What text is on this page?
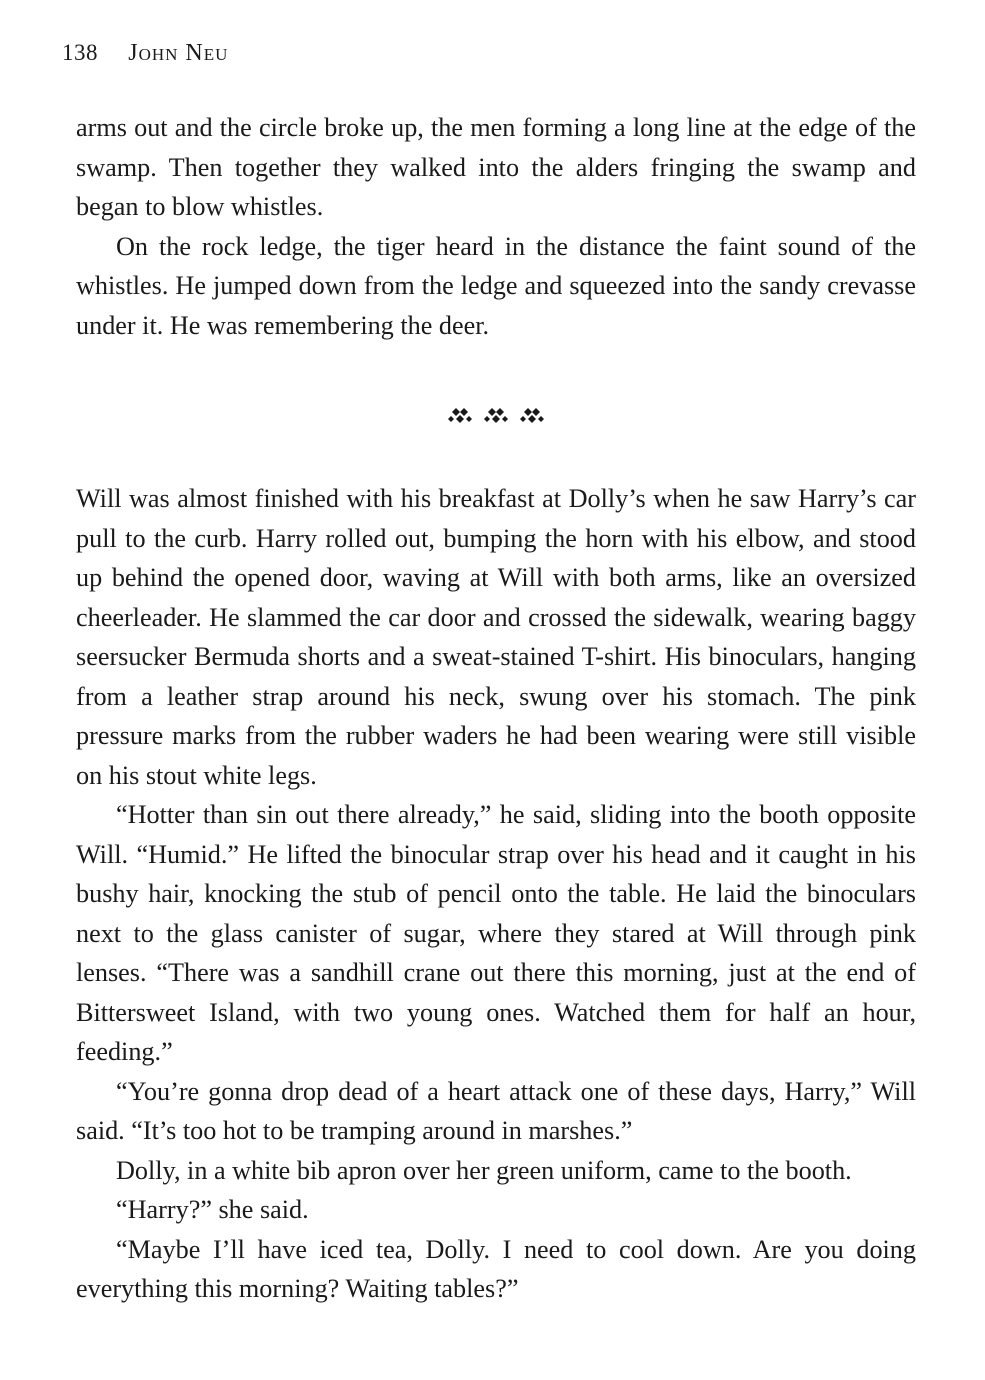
138 John Neu

arms out and the circle broke up, the men forming a long line at the edge of the swamp. Then together they walked into the alders fringing the swamp and began to blow whistles.

On the rock ledge, the tiger heard in the distance the faint sound of the whistles. He jumped down from the ledge and squeezed into the sandy crevasse under it. He was remembering the deer.

Will was almost finished with his breakfast at Dolly’s when he saw Harry’s car pull to the curb. Harry rolled out, bumping the horn with his elbow, and stood up behind the opened door, waving at Will with both arms, like an oversized cheerleader. He slammed the car door and crossed the sidewalk, wearing baggy seersucker Bermuda shorts and a sweat-stained T-shirt. His binoculars, hanging from a leather strap around his neck, swung over his stomach. The pink pressure marks from the rubber waders he had been wearing were still visible on his stout white legs.

“Hotter than sin out there already,” he said, sliding into the booth opposite Will. “Humid.” He lifted the binocular strap over his head and it caught in his bushy hair, knocking the stub of pencil onto the table. He laid the binoculars next to the glass canister of sugar, where they stared at Will through pink lenses. “There was a sandhill crane out there this morning, just at the end of Bittersweet Island, with two young ones. Watched them for half an hour, feeding.”

“You’re gonna drop dead of a heart attack one of these days, Harry,” Will said. “It’s too hot to be tramping around in marshes.”

Dolly, in a white bib apron over her green uniform, came to the booth.

“Harry?” she said.

“Maybe I’ll have iced tea, Dolly. I need to cool down. Are you doing everything this morning? Waiting tables?”
